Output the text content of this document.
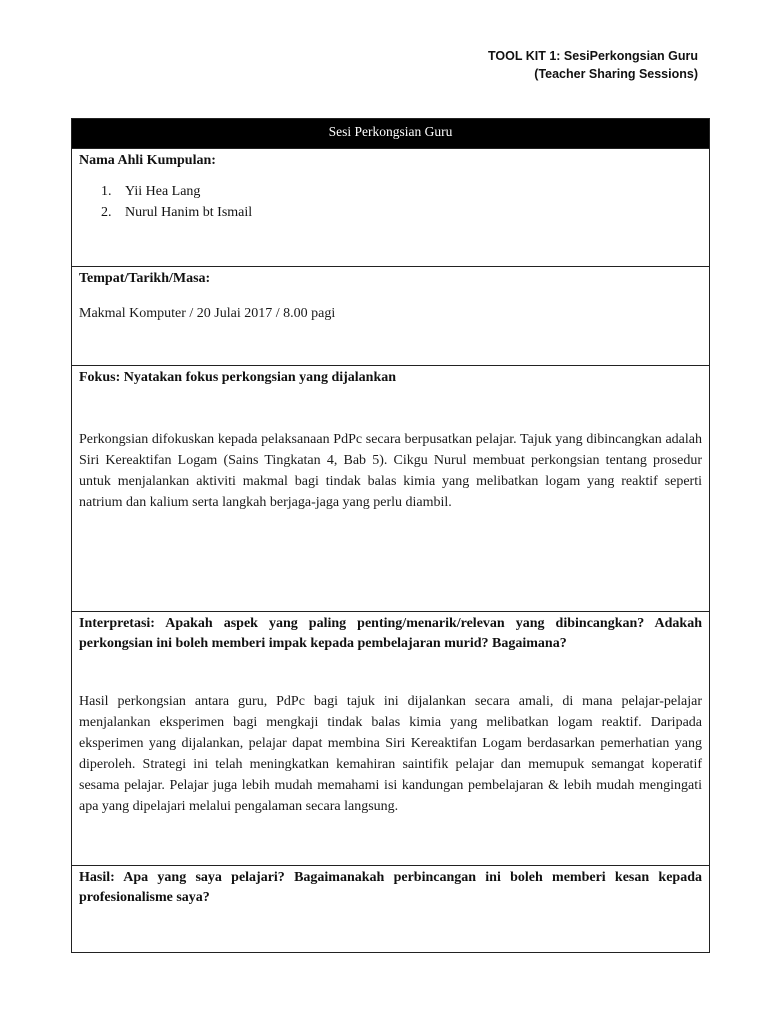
TOOL KIT 1: SesiPerkongsian Guru
(Teacher Sharing Sessions)
Sesi Perkongsian Guru

Nama Ahli Kumpulan:

1. Yii Hea Lang
2. Nurul Hanim bt Ismail

Tempat/Tarikh/Masa:

Makmal Komputer / 20 Julai 2017 / 8.00 pagi

Fokus: Nyatakan fokus perkongsian yang dijalankan

Perkongsian difokuskan kepada pelaksanaan PdPc secara berpusatkan pelajar. Tajuk yang dibincangkan adalah Siri Kereaktifan Logam (Sains Tingkatan 4, Bab 5). Cikgu Nurul membuat perkongsian tentang prosedur untuk menjalankan aktiviti makmal bagi tindak balas kimia yang melibatkan logam yang reaktif seperti natrium dan kalium serta langkah berjaga-jaga yang perlu diambil.

Interpretasi: Apakah aspek yang paling penting/menarik/relevan yang dibincangkan? Adakah perkongsian ini boleh memberi impak kepada pembelajaran murid? Bagaimana?

Hasil perkongsian antara guru, PdPc bagi tajuk ini dijalankan secara amali, di mana pelajar-pelajar menjalankan eksperimen bagi mengkaji tindak balas kimia yang melibatkan logam reaktif. Daripada eksperimen yang dijalankan, pelajar dapat membina Siri Kereaktifan Logam berdasarkan pemerhatian yang diperoleh. Strategi ini telah meningkatkan kemahiran saintifik pelajar dan memupuk semangat koperatif sesama pelajar. Pelajar juga lebih mudah memahami isi kandungan pembelajaran & lebih mudah mengingati apa yang dipelajari melalui pengalaman secara langsung.

Hasil: Apa yang saya pelajari? Bagaimanakah perbincangan ini boleh memberi kesan kepada profesionalisme saya?
